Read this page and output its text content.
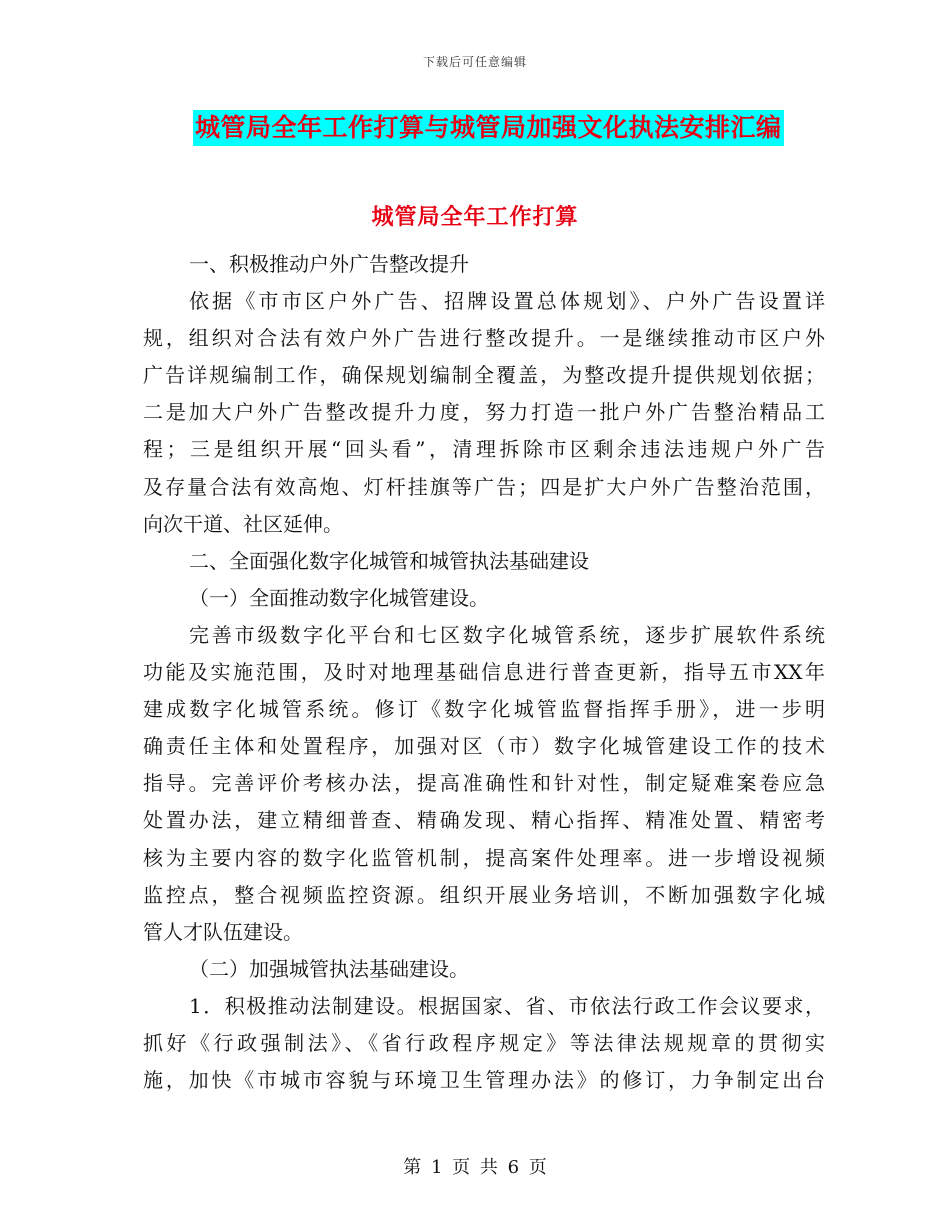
下载后可任意编辑
城管局全年工作打算与城管局加强文化执法安排汇编
城管局全年工作打算
一、积极推动户外广告整改提升
依据《市市区户外广告、招牌设置总体规划》、户外广告设置详
规，组织对合法有效户外广告进行整改提升。一是继续推动市区户外
广告详规编制工作，确保规划编制全覆盖，为整改提升提供规划依据；
二是加大户外广告整改提升力度，努力打造一批户外广告整治精品工
程；三是组织开展“回头看”，清理拆除市区剩余违法违规户外广告
及存量合法有效高炮、灯杆挂旗等广告；四是扩大户外广告整治范围，
向次干道、社区延伸。
二、全面强化数字化城管和城管执法基础建设
（一）全面推动数字化城管建设。
完善市级数字化平台和七区数字化城管系统，逐步扩展软件系统
功能及实施范围，及时对地理基础信息进行普查更新，指导五市XX年
建成数字化城管系统。修订《数字化城管监督指挥手册》，进一步明
确责任主体和处置程序，加强对区（市）数字化城管建设工作的技术
指导。完善评价考核办法，提高准确性和针对性，制定疑难案卷应急
处置办法，建立精细普查、精确发现、精心指挥、精准处置、精密考
核为主要内容的数字化监管机制，提高案件处理率。进一步增设视频
监控点，整合视频监控资源。组织开展业务培训，不断加强数字化城
管人才队伍建设。
（二）加强城管执法基础建设。
1．积极推动法制建设。根据国家、省、市依法行政工作会议要求，
抓好《行政强制法》、《省行政程序规定》等法律法规规章的贯彻实
施，加快《市城市容貌与环境卫生管理办法》的修订，力争制定出台
第 1 页 共 6 页
